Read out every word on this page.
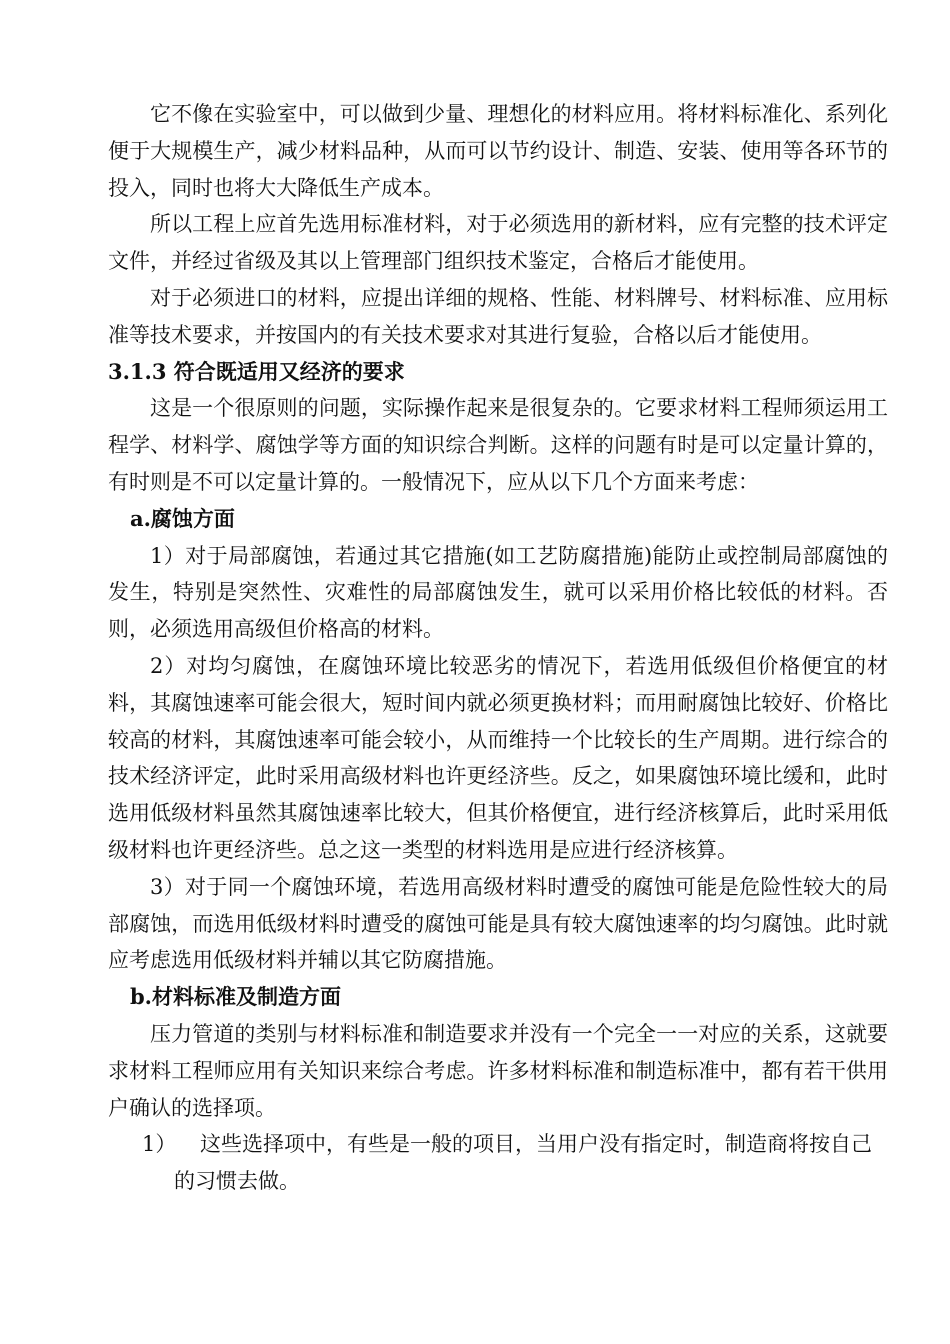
它不像在实验室中，可以做到少量、理想化的材料应用。将材料标准化、系列化便于大规模生产，减少材料品种，从而可以节约设计、制造、安装、使用等各环节的投入，同时也将大大降低生产成本。

所以工程上应首先选用标准材料，对于必须选用的新材料，应有完整的技术评定文件，并经过省级及其以上管理部门组织技术鉴定，合格后才能使用。

对于必须进口的材料，应提出详细的规格、性能、材料牌号、材料标准、应用标准等技术要求，并按国内的有关技术要求对其进行复验，合格以后才能使用。

3.1.3 符合既适用又经济的要求

这是一个很原则的问题，实际操作起来是很复杂的。它要求材料工程师须运用工程学、材料学、腐蚀学等方面的知识综合判断。这样的问题有时是可以定量计算的，有时则是不可以定量计算的。一般情况下，应从以下几个方面来考虑：

a.腐蚀方面

1）对于局部腐蚀，若通过其它措施(如工艺防腐措施)能防止或控制局部腐蚀的发生，特别是突然性、灾难性的局部腐蚀发生，就可以采用价格比较低的材料。否则，必须选用高级但价格高的材料。

2）对均匀腐蚀，在腐蚀环境比较恶劣的情况下，若选用低级但价格便宜的材料，其腐蚀速率可能会很大，短时间内就必须更换材料；而用耐腐蚀比较好、价格比较高的材料，其腐蚀速率可能会较小，从而维持一个比较长的生产周期。进行综合的技术经济评定，此时采用高级材料也许更经济些。反之，如果腐蚀环境比缓和，此时选用低级材料虽然其腐蚀速率比较大，但其价格便宜，进行经济核算后，此时采用低级材料也许更经济些。总之这一类型的材料选用是应进行经济核算。

3）对于同一个腐蚀环境，若选用高级材料时遭受的腐蚀可能是危险性较大的局部腐蚀，而选用低级材料时遭受的腐蚀可能是具有较大腐蚀速率的均匀腐蚀。此时就应考虑选用低级材料并辅以其它防腐措施。

b.材料标准及制造方面

压力管道的类别与材料标准和制造要求并没有一个完全一一对应的关系，这就要求材料工程师应用有关知识来综合考虑。许多材料标准和制造标准中，都有若干供用户确认的选择项。

1） 这些选择项中，有些是一般的项目，当用户没有指定时，制造商将按自己的习惯去做。
